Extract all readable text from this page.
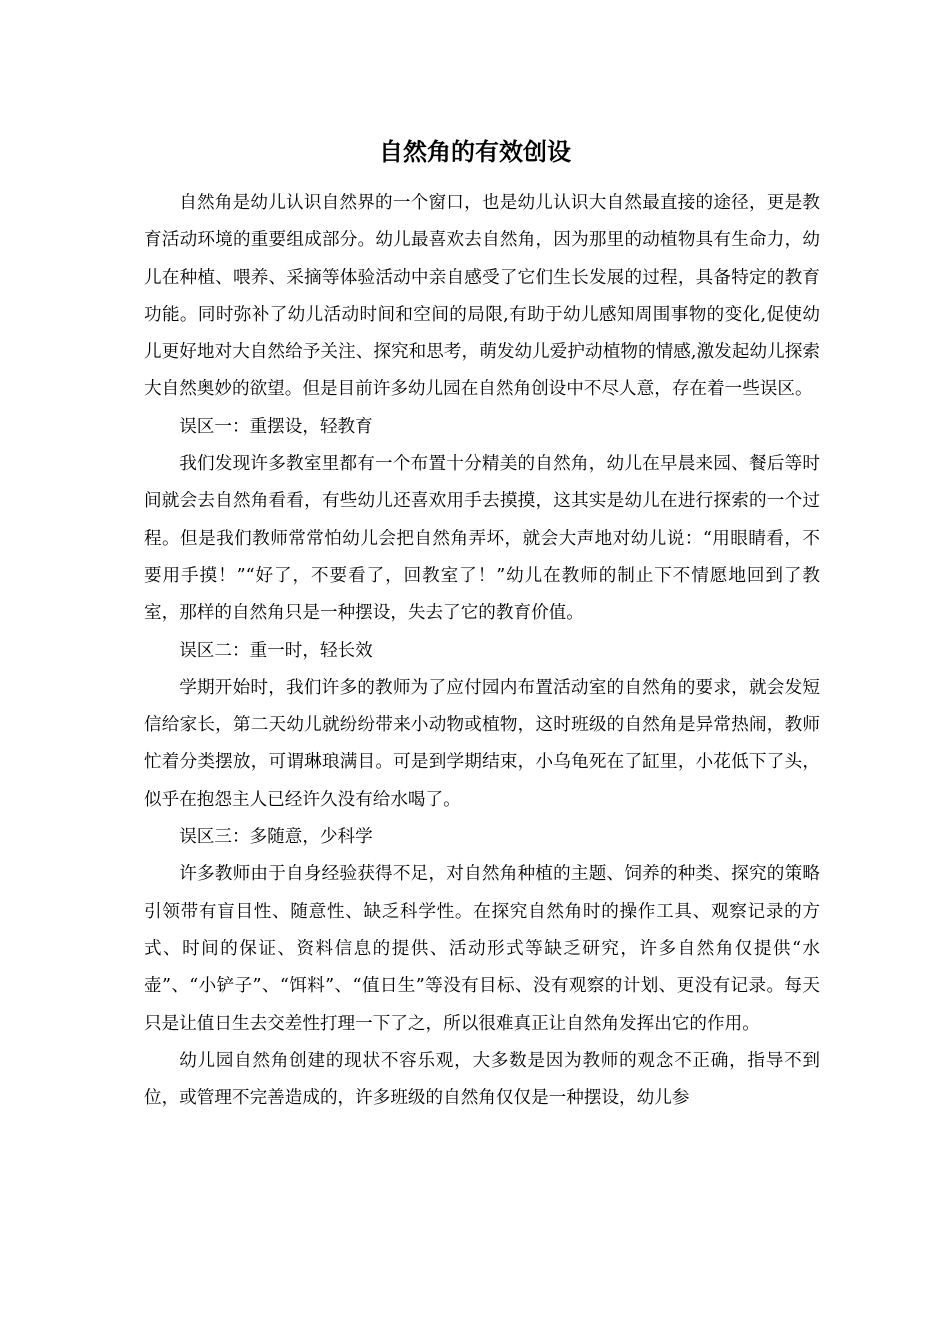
自然角的有效创设

自然角是幼儿认识自然界的一个窗口，也是幼儿认识大自然最直接的途径，更是教育活动环境的重要组成部分。幼儿最喜欢去自然角，因为那里的动植物具有生命力，幼儿在种植、喂养、采摘等体验活动中亲自感受了它们生长发展的过程，具备特定的教育功能。同时弥补了幼儿活动时间和空间的局限,有助于幼儿感知周围事物的变化,促使幼儿更好地对大自然给予关注、探究和思考，萌发幼儿爱护动植物的情感,激发起幼儿探索大自然奥妙的欲望。但是目前许多幼儿园在自然角创设中不尽人意，存在着一些误区。

误区一：重摆设，轻教育

我们发现许多教室里都有一个布置十分精美的自然角，幼儿在早晨来园、餐后等时间就会去自然角看看，有些幼儿还喜欢用手去摸摸，这其实是幼儿在进行探索的一个过程。但是我们教师常常怕幼儿会把自然角弄坏，就会大声地对幼儿说：“用眼睛看，不要用手摸！”“好了，不要看了，回教室了！”幼儿在教师的制止下不情愿地回到了教室，那样的自然角只是一种摆设，失去了它的教育价值。

误区二：重一时，轻长效

学期开始时，我们许多的教师为了应付园内布置活动室的自然角的要求，就会发短信给家长，第二天幼儿就纷纷带来小动物或植物，这时班级的自然角是异常热闹，教师忙着分类摆放，可谓琳琅满目。可是到学期结束，小乌龟死在了缸里，小花低下了头，似乎在抱怨主人已经许久没有给水喝了。

误区三：多随意，少科学

许多教师由于自身经验获得不足，对自然角种植的主题、饲养的种类、探究的策略引领带有盲目性、随意性、缺乏科学性。在探究自然角时的操作工具、观察记录的方式、时间的保证、资料信息的提供、活动形式等缺乏研究，许多自然角仅提供“水壶”、“小铲子”、“饵料”、“值日生”等没有目标、没有观察的计划、更没有记录。每天只是让值日生去交差性打理一下了之，所以很难真正让自然角发挥出它的作用。

幼儿园自然角创建的现状不容乐观，大多数是因为教师的观念不正确，指导不到位，或管理不完善造成的，许多班级的自然角仅仅是一种摆设，幼儿参
